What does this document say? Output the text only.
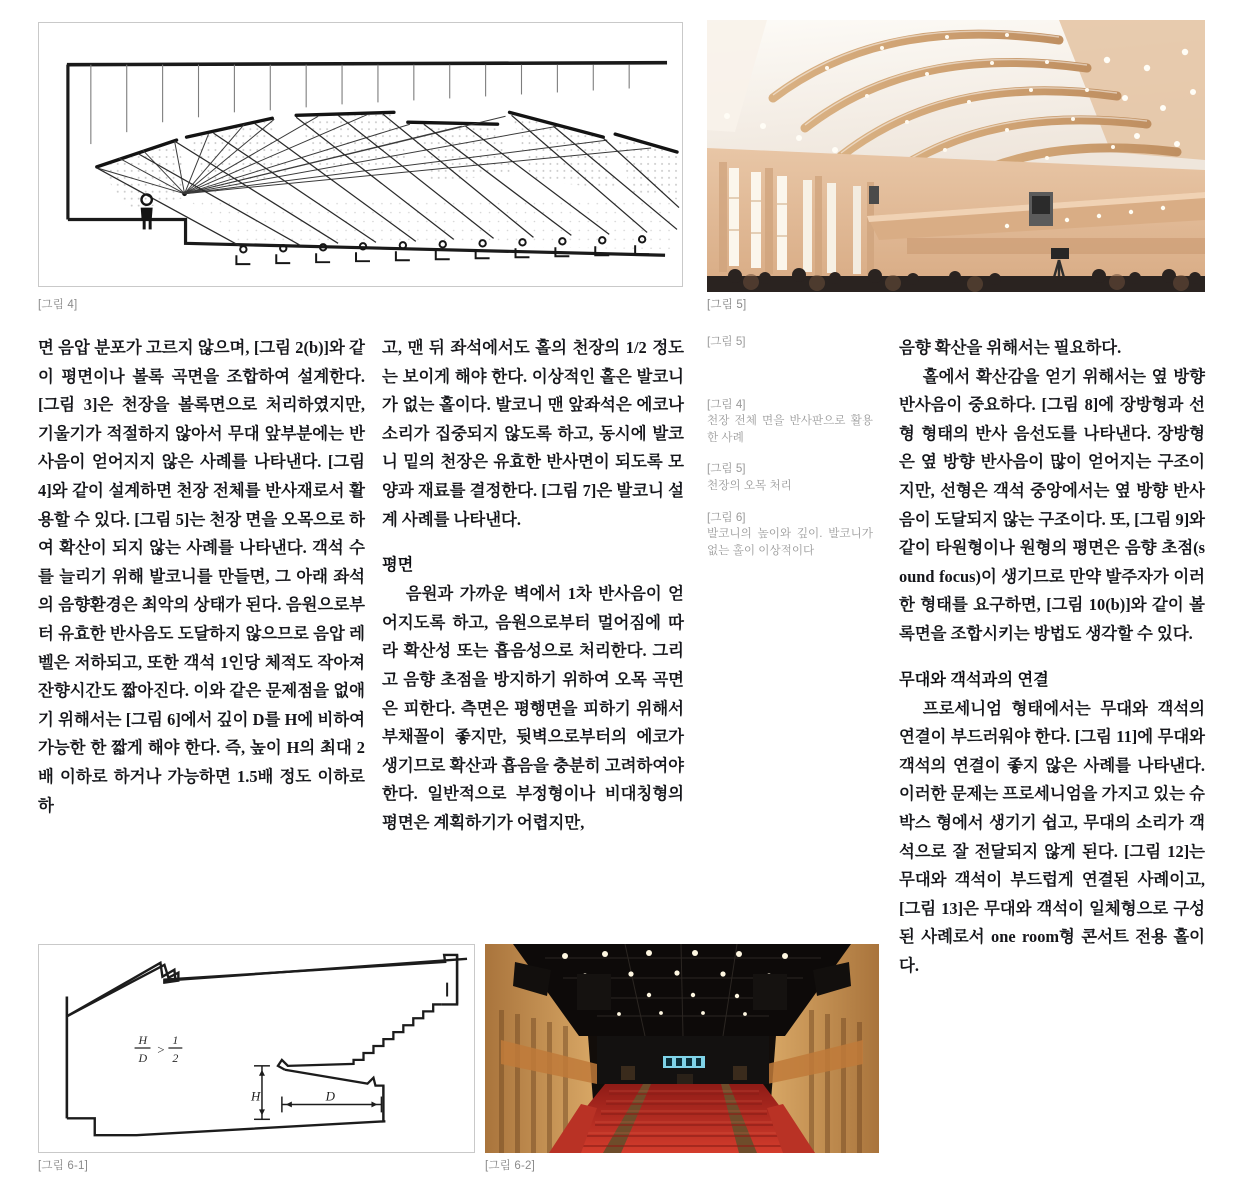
[그림 4]	[그림 5]

면 음압 분포가 고르지 않으며, [그림 2(b)]와 같이 평면이나 볼록 곡면을 조합하여 설계한다. [그림 3]은 천장을 볼록면으로 처리하였지만, 기울기가 적절하지 않아서 무대 앞부분에는 반사음이 얻어지지 않은 사례를 나타낸다. [그림 4]와 같이 설계하면 천장 전체를 반사재로서 활용할 수 있다. [그림 5]는 천장 면을 오목으로 하여 확산이 되지 않는 사례를 나타낸다. 객석 수를 늘리기 위해 발코니를 만들면, 그 아래 좌석의 음향환경은 최악의 상태가 된다. 음원으로부터 유효한 반사음도 도달하지 않으므로 음압 레벨은 저하되고, 또한 객석 1인당 체적도 작아져 잔향시간도 짧아진다. 이와 같은 문제점을 없애기 위해서는 [그림 6]에서 깊이 D를 H에 비하여 가능한 한 짧게 해야 한다. 즉, 높이 H의 최대 2배 이하로 하거나 가능하면 1.5배 정도 이하로 하

고, 맨 뒤 좌석에서도 홀의 천장의 1/2 정도는 보이게 해야 한다. 이상적인 홀은 발코니가 없는 홀이다. 발코니 맨 앞좌석은 에코나 소리가 집중되지 않도록 하고, 동시에 발코니 밑의 천장은 유효한 반사면이 되도록 모양과 재료를 결정한다. [그림 7]은 발코니 설계 사례를 나타낸다.

평면

음원과 가까운 벽에서 1차 반사음이 얻어지도록 하고, 음원으로부터 멀어짐에 따라 확산성 또는 흡음성으로 처리한다. 그리고 음향 초점을 방지하기 위하여 오목 곡면은 피한다. 측면은 평행면을 피하기 위해서 부채꼴이 좋지만, 뒷벽으로부터의 에코가 생기므로 확산과 흡음을 충분히 고려하여야 한다. 일반적으로 부정형이나 비대칭형의 평면은 계획하기가 어렵지만,

[그림 5]
[그림 4]
천장 전체 면을 반사판으로 활용한 사례
[그림 5]
천장의 오목 처리
[그림 6]
발코니의 높이와 깊이. 발코니가 없는 홀이 이상적이다

음향 확산을 위해서는 필요하다.

홀에서 확산감을 얻기 위해서는 옆 방향 반사음이 중요하다. [그림 8]에 장방형과 선형 형태의 반사 음선도를 나타낸다. 장방형은 옆 방향 반사음이 많이 얻어지는 구조이지만, 선형은 객석 중앙에서는 옆 방향 반사음이 도달되지 않는 구조이다. 또, [그림 9]와 같이 타원형이나 원형의 평면은 음향 초점(sound focus)이 생기므로 만약 발주자가 이러한 형태를 요구하면, [그림 10(b)]와 같이 볼록면을 조합시키는 방법도 생각할 수 있다.

무대와 객석과의 연결

프로세니엄 형태에서는 무대와 객석의 연결이 부드러워야 한다. [그림 11]에 무대와 객석의 연결이 좋지 않은 사례를 나타낸다. 이러한 문제는 프로세니엄을 가지고 있는 슈박스 형에서 생기기 쉽고, 무대의 소리가 객석으로 잘 전달되지 않게 된다. [그림 12]는 무대와 객석이 부드럽게 연결된 사례이고, [그림 13]은 무대와 객석이 일체형으로 구성된 사례로서 one room형 콘서트 전용 홀이다.

H	D
H
D
>
1
2
[그림 6-1]	[그림 6-2]
